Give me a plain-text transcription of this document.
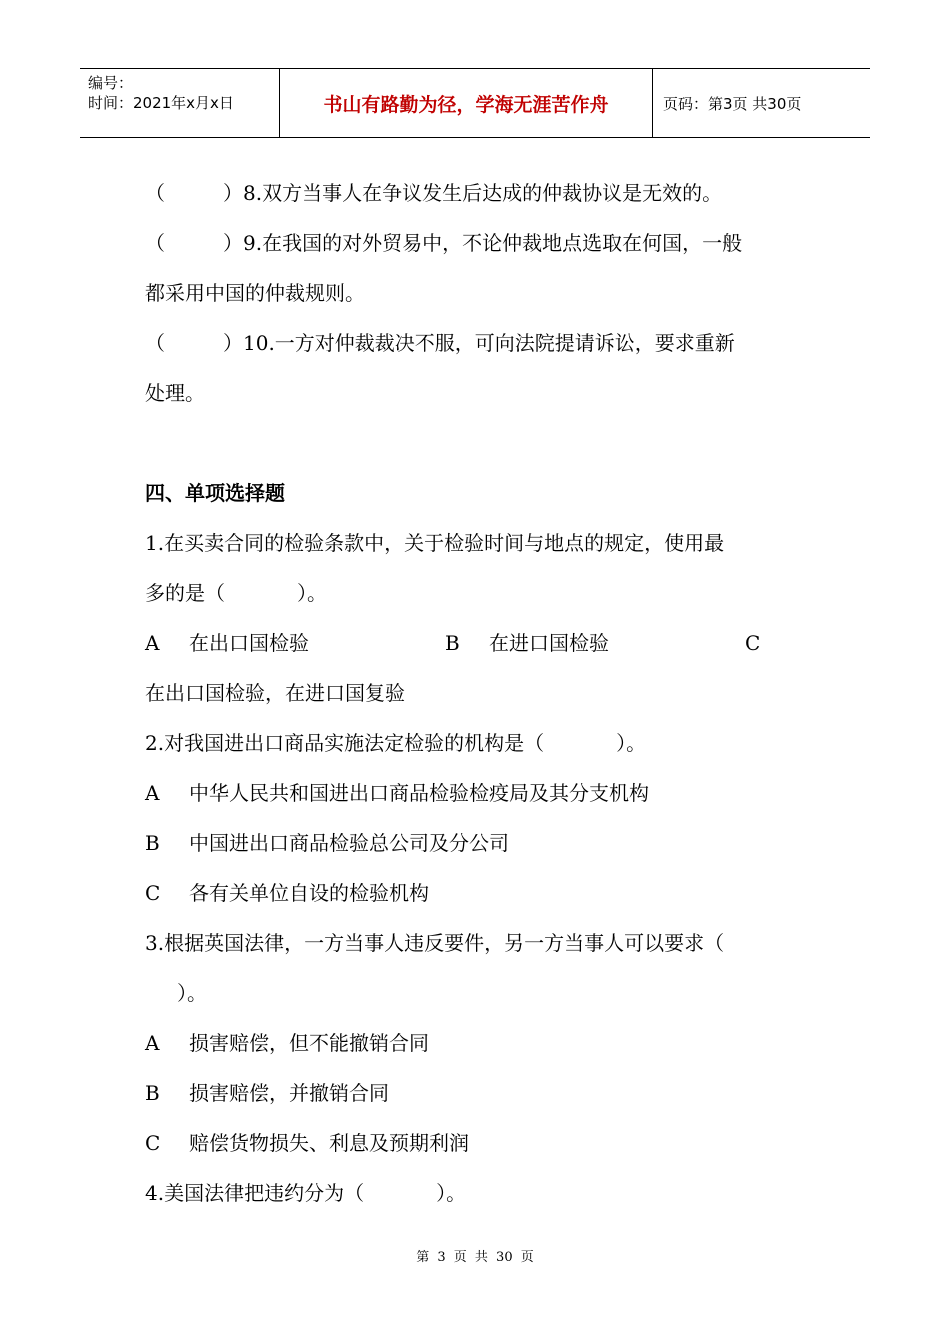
编号：
时间：2021年x月x日	书山有路勤为径，学海无涯苦作舟	页码：第3页 共30页
（	）8.双方当事人在争议发生后达成的仲裁协议是无效的。
（	）9.在我国的对外贸易中，不论仲裁地点选取在何国，一般
都采用中国的仲裁规则。
（	）10.一方对仲裁裁决不服，可向法院提请诉讼，要求重新
处理。
四、单项选择题
1.在买卖合同的检验条款中，关于检验时间与地点的规定，使用最
多的是（	）。
A 在出口国检验	B 在进口国检验	C
在出口国检验，在进口国复验
2.对我国进出口商品实施法定检验的机构是（	）。
A 中华人民共和国进出口商品检验检疫局及其分支机构
B 中国进出口商品检验总公司及分公司
C 各有关单位自设的检验机构
3.根据英国法律，一方当事人违反要件，另一方当事人可以要求（
）。
A 损害赔偿，但不能撤销合同
B 损害赔偿，并撤销合同
C 赔偿货物损失、利息及预期利润
4.美国法律把违约分为（	）。
第 3 页 共 30 页
